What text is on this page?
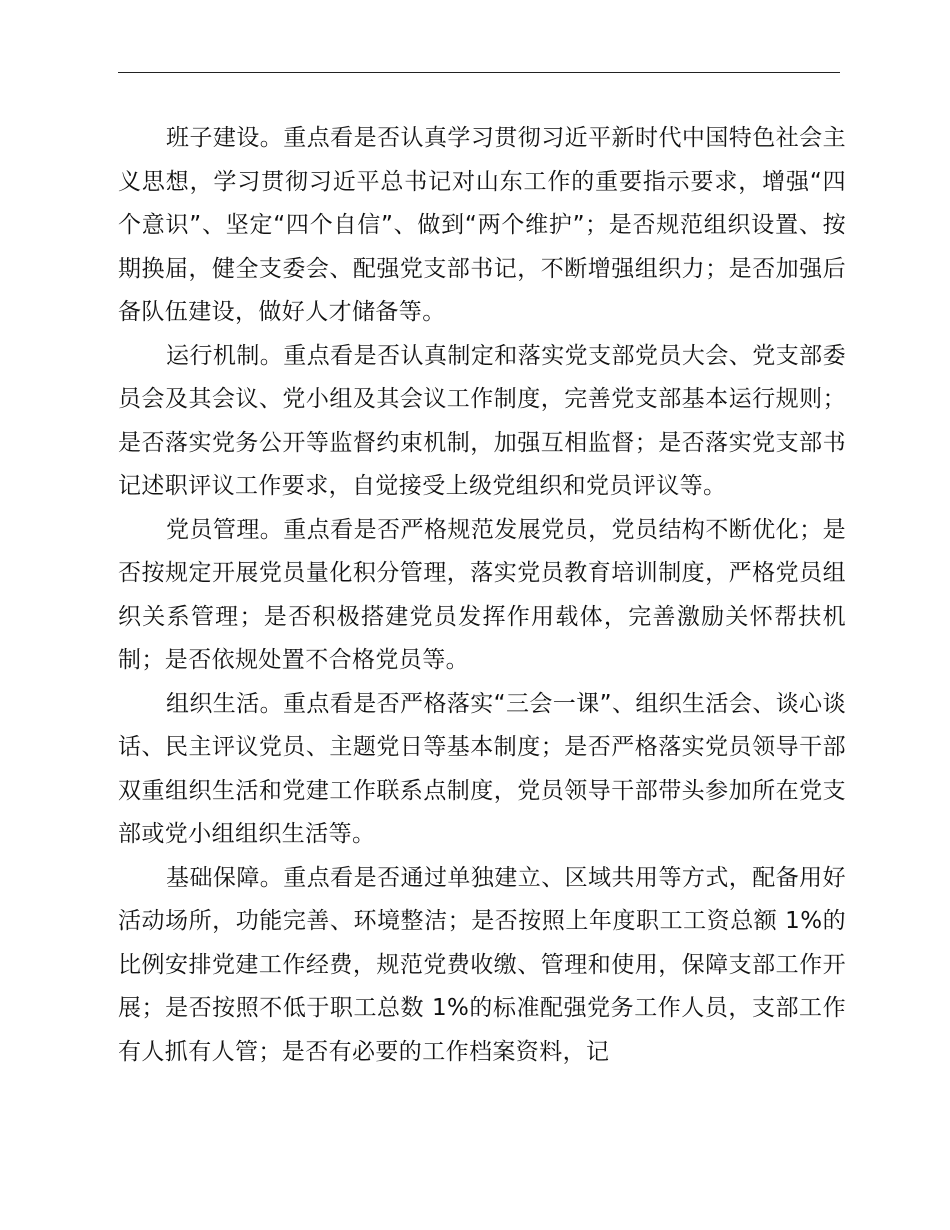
班子建设。重点看是否认真学习贯彻习近平新时代中国特色社会主义思想，学习贯彻习近平总书记对山东工作的重要指示要求，增强“四个意识”、坚定“四个自信”、做到“两个维护”；是否规范组织设置、按期换届，健全支委会、配强党支部书记，不断增强组织力；是否加强后备队伍建设，做好人才储备等。

运行机制。重点看是否认真制定和落实党支部党员大会、党支部委员会及其会议、党小组及其会议工作制度，完善党支部基本运行规则；是否落实党务公开等监督约束机制，加强互相监督；是否落实党支部书记述职评议工作要求，自觉接受上级党组织和党员评议等。

党员管理。重点看是否严格规范发展党员，党员结构不断优化；是否按规定开展党员量化积分管理，落实党员教育培训制度，严格党员组织关系管理；是否积极搭建党员发挥作用载体，完善激励关怀帮扶机制；是否依规处置不合格党员等。

组织生活。重点看是否严格落实“三会一课”、组织生活会、谈心谈话、民主评议党员、主题党日等基本制度；是否严格落实党员领导干部双重组织生活和党建工作联系点制度，党员领导干部带头参加所在党支部或党小组组织生活等。

基础保障。重点看是否通过单独建立、区域共用等方式，配备用好活动场所，功能完善、环境整洁；是否按照上年度职工工资总额 1%的比例安排党建工作经费，规范党费收缴、管理和使用，保障支部工作开展；是否按照不低于职工总数 1%的标准配强党务工作人员，支部工作有人抓有人管；是否有必要的工作档案资料，记
